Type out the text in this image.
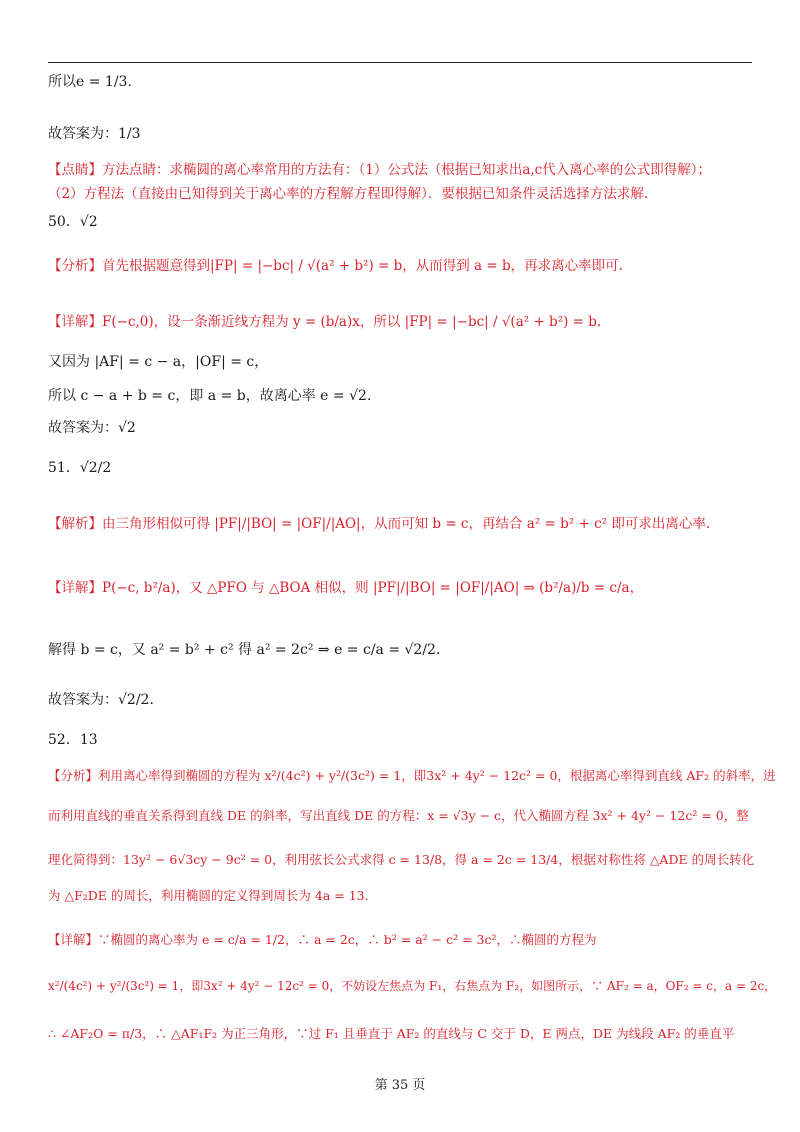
所以e = 1/3.
故答案为：1/3
【点睛】方法点睛：求椭圆的离心率常用的方法有：（1）公式法（根据已知求出a,c代入离心率的公式即得解）；
（2）方程法（直接由已知得到关于离心率的方程解方程即得解）．要根据已知条件灵活选择方法求解.
50．√2
【分析】首先根据题意得到|FP| = |−bc| / √(a² + b²) = b，从而得到 a = b，再求离心率即可.
【详解】F(−c,0)，设一条渐近线方程为 y = (b/a)x，所以 |FP| = |−bc| / √(a² + b²) = b.
又因为 |AF| = c − a，|OF| = c，
所以 c − a + b = c，即 a = b，故离心率 e = √2.
故答案为：√2
51．√2/2
【解析】由三角形相似可得 |PF|/|BO| = |OF|/|AO|，从而可知 b = c，再结合 a² = b² + c² 即可求出离心率.
【详解】P(−c, b²/a)，又 △PFO 与 △BOA 相似，则 |PF|/|BO| = |OF|/|AO| ⇒ (b²/a)/b = c/a，
解得 b = c，又 a² = b² + c² 得 a² = 2c² ⇒ e = c/a = √2/2.
故答案为：√2/2.
52．13
【分析】利用离心率得到椭圆的方程为 x²/(4c²) + y²/(3c²) = 1，即3x² + 4y² − 12c² = 0，根据离心率得到直线 AF₂ 的斜率，进
而利用直线的垂直关系得到直线 DE 的斜率，写出直线 DE 的方程：x = √3y − c，代入椭圆方程 3x² + 4y² − 12c² = 0，整
理化简得到：13y² − 6√3cy − 9c² = 0，利用弦长公式求得 c = 13/8，得 a = 2c = 13/4，根据对称性将 △ADE 的周长转化
为 △F₂DE 的周长，利用椭圆的定义得到周长为 4a = 13.
【详解】∵椭圆的离心率为 e = c/a = 1/2，∴ a = 2c，∴ b² = a² − c² = 3c²，∴椭圆的方程为
x²/(4c²) + y²/(3c²) = 1，即3x² + 4y² − 12c² = 0，不妨设左焦点为 F₁，右焦点为 F₂，如图所示，∵ AF₂ = a，OF₂ = c，a = 2c，
∴ ∠AF₂O = π/3，∴ △AF₁F₂ 为正三角形，∵过 F₁ 且垂直于 AF₂ 的直线与 C 交于 D，E 两点，DE 为线段 AF₂ 的垂直平
第 35 页
